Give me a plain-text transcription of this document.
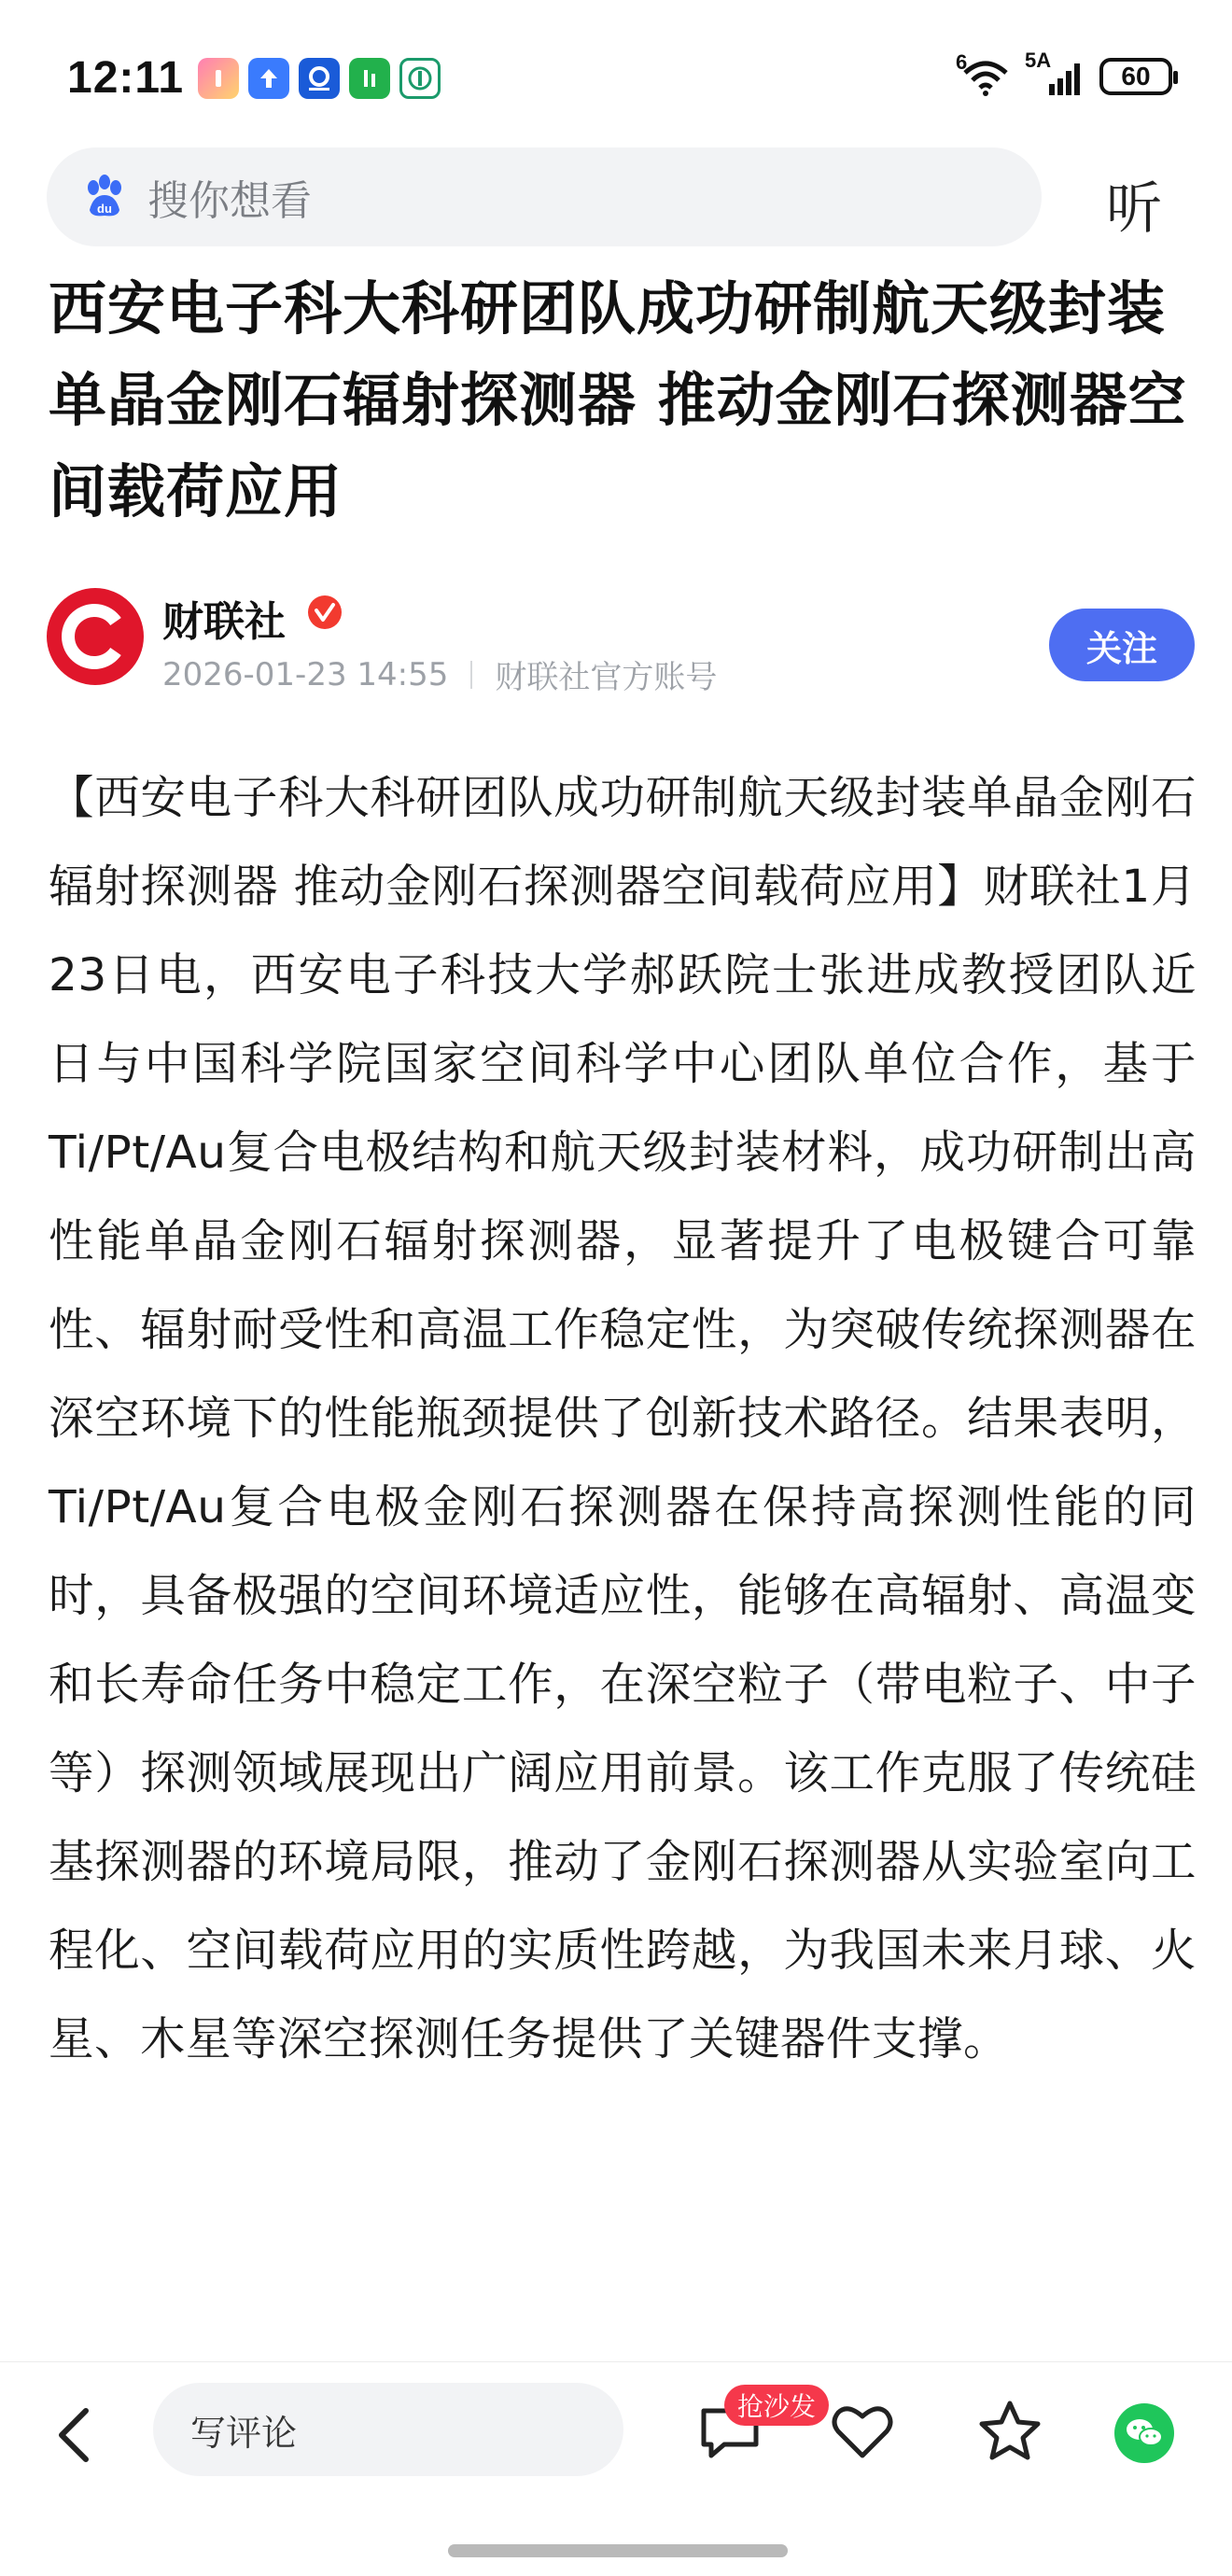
12:11	6	5A
60
du 搜你想看	听
西安电子科大科研团队成功研制航天级封装单晶金刚石辐射探测器 推动金刚石探测器空间载荷应用
财联社
2026-01-23 14:55 财联社官方账号
关注

【西安电子科大科研团队成功研制航天级封装单晶金刚石辐射探测器 推动金刚石探测器空间载荷应用】财联社1月23日电，西安电子科技大学郝跃院士张进成教授团队近日与中国科学院国家空间科学中心团队单位合作，基于Ti/Pt/Au复合电极结构和航天级封装材料，成功研制出高性能单晶金刚石辐射探测器，显著提升了电极键合可靠性、辐射耐受性和高温工作稳定性，为突破传统探测器在深空环境下的性能瓶颈提供了创新技术路径。结果表明，Ti/Pt/Au复合电极金刚石探测器在保持高探测性能的同时，具备极强的空间环境适应性，能够在高辐射、高温变和长寿命任务中稳定工作，在深空粒子（带电粒子、中子等）探测领域展现出广阔应用前景。该工作克服了传统硅基探测器的环境局限，推动了金刚石探测器从实验室向工程化、空间载荷应用的实质性跨越，为我国未来月球、火星、木星等深空探测任务提供了关键器件支撑。

写评论
抢沙发
